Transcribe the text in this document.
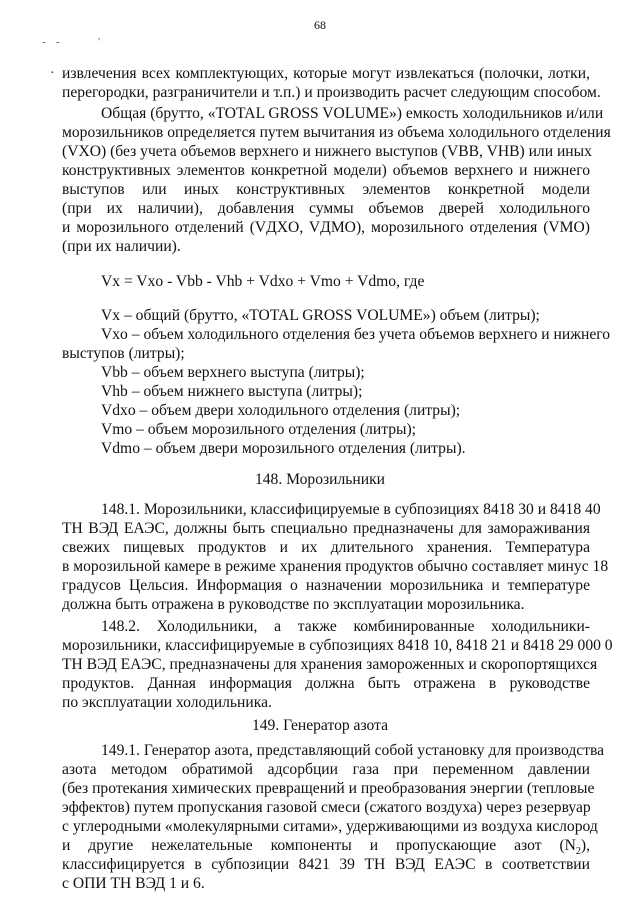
68
- -	'
· извлечения всех комплектующих, которые могут извлекаться (полочки, лотки,
перегородки, разграничители и т.п.) и производить расчет следующим способом.
Общая (брутто, «TOTAL GROSS VOLUME») емкость холодильников и/или
морозильников определяется путем вычитания из объема холодильного отделения
(VXO) (без учета объемов верхнего и нижнего выступов (VBB, VHB) или иных
конструктивных элементов конкретной модели) объемов верхнего и нижнего
выступов или иных конструктивных элементов конкретной модели
(при их наличии), добавления суммы объемов дверей холодильного
и морозильного отделений (VДXO, VДMO), морозильного отделения (VMO)
(при их наличии).
Vx = Vxo - Vbb - Vhb + Vdxo + Vmo + Vdmo, где
Vx – общий (брутто, «TOTAL GROSS VOLUME») объем (литры);
Vxo – объем холодильного отделения без учета объемов верхнего и нижнего
выступов (литры);
Vbb – объем верхнего выступа (литры);
Vhb – объем нижнего выступа (литры);
Vdxo – объем двери холодильного отделения (литры);
Vmo – объем морозильного отделения (литры);
Vdmo – объем двери морозильного отделения (литры).
148. Морозильники
148.1. Морозильники, классифицируемые в субпозициях 8418 30 и 8418 40
ТН ВЭД ЕАЭС, должны быть специально предназначены для замораживания
свежих пищевых продуктов и их длительного хранения. Температура
в морозильной камере в режиме хранения продуктов обычно составляет минус 18
градусов Цельсия. Информация о назначении морозильника и температуре
должна быть отражена в руководстве по эксплуатации морозильника.
148.2. Холодильники, а также комбинированные холодильники-
морозильники, классифицируемые в субпозициях 8418 10, 8418 21 и 8418 29 000 0
ТН ВЭД ЕАЭС, предназначены для хранения замороженных и скоропортящихся
продуктов. Данная информация должна быть отражена в руководстве
по эксплуатации холодильника.
149. Генератор азота
149.1. Генератор азота, представляющий собой установку для производства
азота методом обратимой адсорбции газа при переменном давлении
(без протекания химических превращений и преобразования энергии (тепловые
эффектов) путем пропускания газовой смеси (сжатого воздуха) через резервуар
с углеродными «молекулярными ситами», удерживающими из воздуха кислород
и другие нежелательные компоненты и пропускающие азот $(N_2)$,
классифицируется в субпозиции 8421 39 ТН ВЭД ЕАЭС в соответствии
с ОПИ ТН ВЭД 1 и 6.
